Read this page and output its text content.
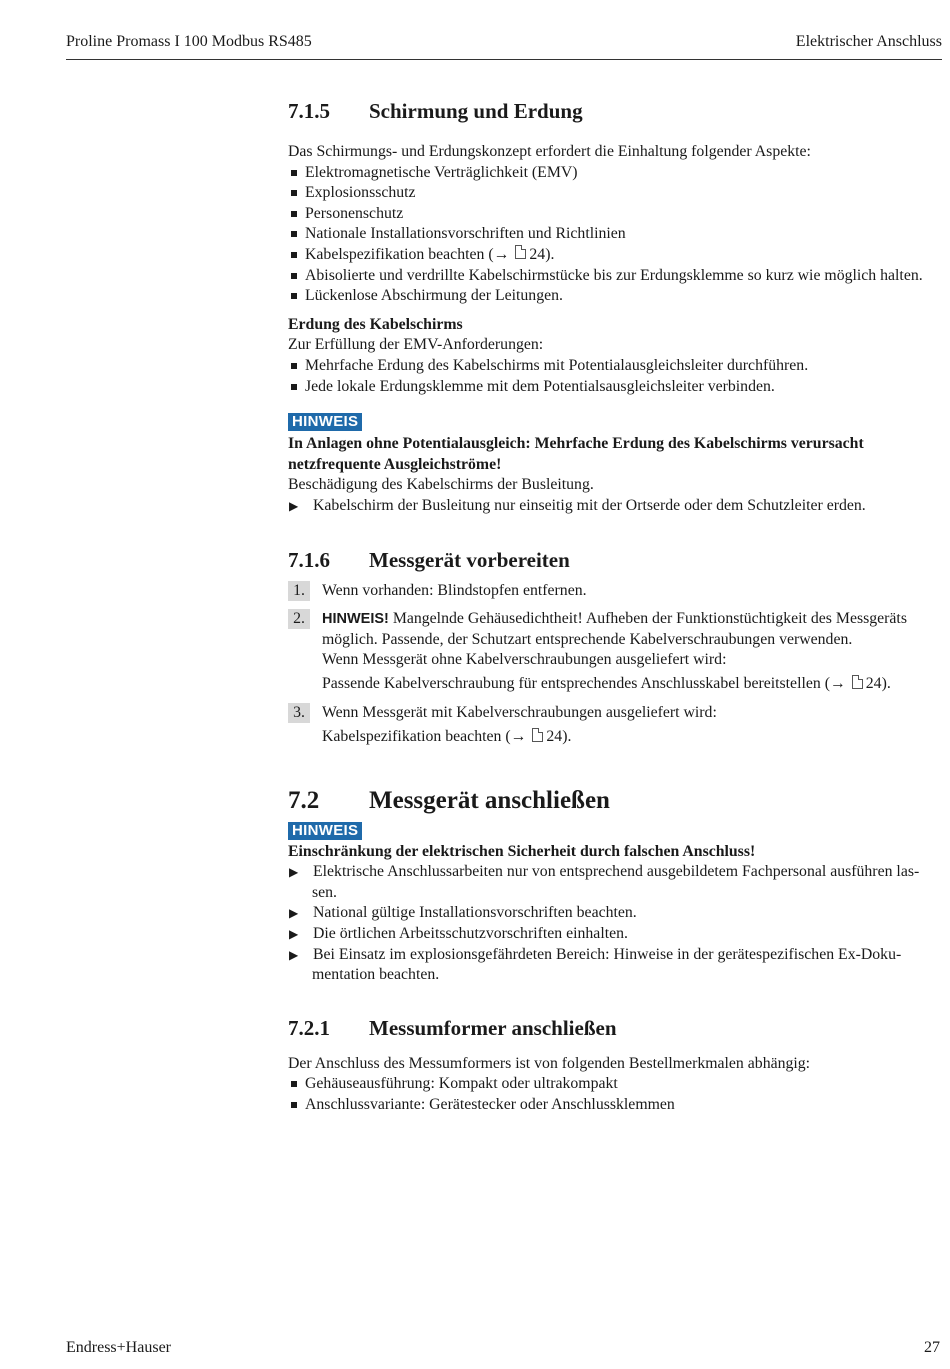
Proline Promass I 100 Modbus RS485	Elektrischer Anschluss
7.1.5	Schirmung und Erdung

Das Schirmungs- und Erdungskonzept erfordert die Einhaltung folgender Aspekte:

Elektromagnetische Verträglichkeit (EMV)
Explosionsschutz
Personenschutz
Nationale Installationsvorschriften und Richtlinien
Kabelspezifikation beachten (→ 24).
Abisolierte und verdrillte Kabelschirmstücke bis zur Erdungsklemme so kurz wie möglich halten.
Lückenlose Abschirmung der Leitungen.

Erdung des Kabelschirms

Zur Erfüllung der EMV-Anforderungen:

Mehrfache Erdung des Kabelschirms mit Potentialausgleichsleiter durchführen.
Jede lokale Erdungsklemme mit dem Potentialsausgleichsleiter verbinden.
HINWEIS

In Anlagen ohne Potentialausgleich: Mehrfache Erdung des Kabelschirms verursacht

netzfrequente Ausgleichströme!

Beschädigung des Kabelschirms der Busleitung.

▶ Kabelschirm der Busleitung nur einseitig mit der Ortserde oder dem Schutzleiter erden.
7.1.6	Messgerät vorbereiten
1.	Wenn vorhanden: Blindstopfen entfernen.
2.	HINWEIS! Mangelnde Gehäusedichtheit! Aufheben der Funktionstüchtigkeit des Messgeräts
möglich. Passende, der Schutzart entsprechende Kabelverschraubungen verwenden.
Wenn Messgerät ohne Kabelverschraubungen ausgeliefert wird:
Passende Kabelverschraubung für entsprechendes Anschlusskabel bereitstellen (→ 24).
3.	Wenn Messgerät mit Kabelverschraubungen ausgeliefert wird:
Kabelspezifikation beachten (→ 24).
7.2	Messgerät anschließen
HINWEIS

Einschränkung der elektrischen Sicherheit durch falschen Anschluss!

▶ Elektrische Anschlussarbeiten nur von entsprechend ausgebildetem Fachpersonal ausführen las-
sen.
▶ National gültige Installationsvorschriften beachten.
▶ Die örtlichen Arbeitsschutzvorschriften einhalten.
▶ Bei Einsatz im explosionsgefährdeten Bereich: Hinweise in der gerätespezifischen Ex-Doku-
mentation beachten.
7.2.1	Messumformer anschließen

Der Anschluss des Messumformers ist von folgenden Bestellmerkmalen abhängig:

Gehäuseausführung: Kompakt oder ultrakompakt
Anschlussvariante: Gerätestecker oder Anschlussklemmen
Endress+Hauser	27
